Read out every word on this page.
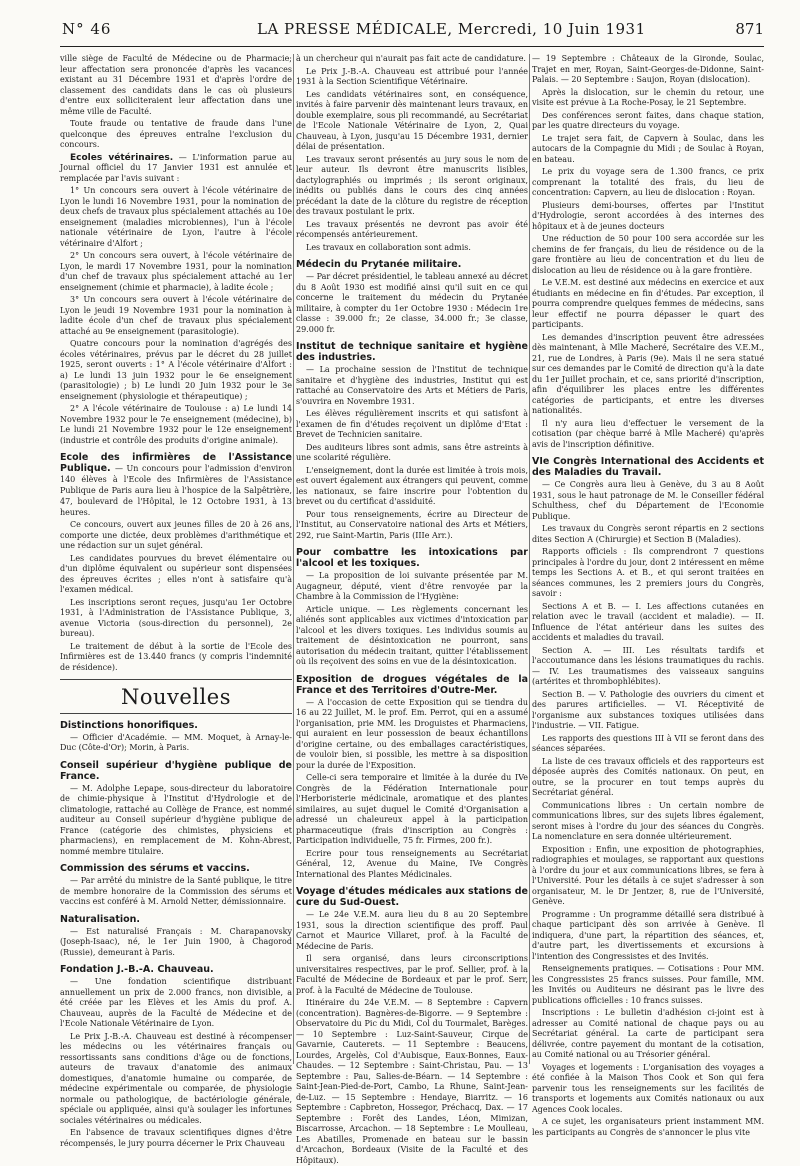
N° 46	LA PRESSE MÉDICALE, Mercredi, 10 Juin 1931	871

ville siège de Faculté de Médecine ou de Pharmacie; leur affectation sera prononcée d'après les vacances existant au 31 Décembre 1931 et d'après l'ordre de classement des candidats dans le cas où plusieurs d'entre eux solliciteraient leur affectation dans une même ville de Faculté.

Toute fraude ou tentative de fraude dans l'une quelconque des épreuves entraîne l'exclusion du concours.

Ecoles vétérinaires. — L'information parue au Journal officiel du 17 Janvier 1931 est annulée et remplacée par l'avis suivant :

1° Un concours sera ouvert à l'école vétérinaire de Lyon le lundi 16 Novembre 1931, pour la nomination de deux chefs de travaux plus spécialement attachés au 10e enseignement (maladies microbiennes), l'un à l'école nationale vétérinaire de Lyon, l'autre à l'école vétérinaire d'Alfort ;

2° Un concours sera ouvert, à l'école vétérinaire de Lyon, le mardi 17 Novembre 1931, pour la nomination d'un chef de travaux plus spécialement attaché au 1er enseignement (chimie et pharmacie), à ladite école ;

3° Un concours sera ouvert à l'école vétérinaire de Lyon le jeudi 19 Novembre 1931 pour la nomination à ladite école d'un chef de travaux plus spécialement attaché au 9e enseignement (parasitologie).

Quatre concours pour la nomination d'agrégés des écoles vétérinaires, prévus par le décret du 28 juillet 1925, seront ouverts : 1° A l'école vétérinaire d'Alfort : a) Le lundi 13 juin 1932 pour le 6e enseignement (parasitologie) ; b) Le lundi 20 Juin 1932 pour le 3e enseignement (physiologie et thérapeutique) ;

2° A l'école vétérinaire de Toulouse : a) Le lundi 14 Novembre 1932 pour le 7e enseignement (médecine), b) Le lundi 21 Novembre 1932 pour le 12e enseignement (industrie et contrôle des produits d'origine animale).

Ecole des infirmières de l'Assistance Publique. — Un concours pour l'admission d'environ 140 élèves à l'Ecole des Infirmières de l'Assistance Publique de Paris aura lieu à l'hospice de la Salpêtrière, 47, boulevard de l'Hôpital, le 12 Octobre 1931, à 13 heures.

Ce concours, ouvert aux jeunes filles de 20 à 26 ans, comporte une dictée, deux problèmes d'arithmétique et une rédaction sur un sujet général.

Les candidates pourvues du brevet élémentaire ou d'un diplôme équivalent ou supérieur sont dispensées des épreuves écrites ; elles n'ont à satisfaire qu'à l'examen médical.

Les inscriptions seront reçues, jusqu'au 1er Octobre 1931, à l'Administration de l'Assistance Publique, 3, avenue Victoria (sous-direction du personnel), 2e bureau).

Le traitement de début à la sortie de l'Ecole des Infirmières est de 13.440 francs (y compris l'indemnité de résidence).

Nouvelles
Distinctions honorifiques.

— Officier d'Académie. — MM. Moquet, à Arnay-le-Duc (Côte-d'Or); Morin, à Paris.

Conseil supérieur d'hygiène publique de France.

— M. Adolphe Lepape, sous-directeur du laboratoire de chimie-physique à l'Institut d'Hydrologie et de climatologie, rattaché au Collège de France, est nommé auditeur au Conseil supérieur d'hygiène publique de France (catégorie des chimistes, physiciens et pharmaciens), en remplacement de M. Kohn-Abrest, nommé membre titulaire.

Commission des sérums et vaccins.

— Par arrêté du ministre de la Santé publique, le titre de membre honoraire de la Commission des sérums et vaccins est conféré à M. Arnold Netter, démissionnaire.

Naturalisation.

— Est naturalisé Français : M. Charapanovsky (Joseph-Isaac), né, le 1er Juin 1900, à Chagorod (Russie), demeurant à Paris.

Fondation J.-B.-A. Chauveau.

— Une fondation scientifique distribuant annuellement un prix de 2.000 francs, non divisible, a été créée par les Elèves et les Amis du prof. A. Chauveau, auprès de la Faculté de Médecine et de l'Ecole Nationale Vétérinaire de Lyon.

Le Prix J.-B.-A. Chauveau est destiné à récompenser les médecins ou les vétérinaires français ou ressortissants sans conditions d'âge ou de fonctions, auteurs de travaux d'anatomie des animaux domestiques, d'anatomie humaine ou comparée, de médecine expérimentale ou comparée, de physiologie normale ou pathologique, de bactériologie générale, spéciale ou appliquée, ainsi qu'à soulager les infortunes sociales vétérinaires ou médicales.

En l'absence de travaux scientifiques dignes d'être récompensés, le jury pourra décerner le Prix Chauveau

à un chercheur qui n'aurait pas fait acte de candidature.

Le Prix J.-B.-A. Chauveau est attribué pour l'année 1931 à la Section Scientifique Vétérinaire.

Les candidats vétérinaires sont, en conséquence, invités à faire parvenir dès maintenant leurs travaux, en double exemplaire, sous pli recommandé, au Secrétariat de l'Ecole Nationale Vétérinaire de Lyon, 2, Quai Chauveau, à Lyon, jusqu'au 15 Décembre 1931, dernier délai de présentation.

Les travaux seront présentés au jury sous le nom de leur auteur. Ils devront être manuscrits lisibles, dactylographiés ou imprimés ; ils seront originaux, inédits ou publiés dans le cours des cinq années précédant la date de la clôture du registre de réception des travaux postulant le prix.

Les travaux présentés ne devront pas avoir été récompensés antérieurement.

Les travaux en collaboration sont admis.

Médecin du Prytanée militaire.

— Par décret présidentiel, le tableau annexé au décret du 8 Août 1930 est modifié ainsi qu'il suit en ce qui concerne le traitement du médecin du Prytanée militaire, à compter du 1er Octobre 1930 : Médecin 1re classe : 39.000 fr.; 2e classe, 34.000 fr.; 3e classe, 29.000 fr.

Institut de technique sanitaire et hygiène des industries.

— La prochaine session de l'Institut de technique sanitaire et d'hygiène des industries, Institut qui est rattaché au Conservatoire des Arts et Métiers de Paris, s'ouvrira en Novembre 1931.

Les élèves régulièrement inscrits et qui satisfont à l'examen de fin d'études reçoivent un diplôme d'Etat : Brevet de Technicien sanitaire.

Des auditeurs libres sont admis, sans être astreints à une scolarité régulière.

L'enseignement, dont la durée est limitée à trois mois, est ouvert également aux étrangers qui peuvent, comme les nationaux, se faire inscrire pour l'obtention du brevet ou du certificat d'assiduité.

Pour tous renseignements, écrire au Directeur de l'Institut, au Conservatoire national des Arts et Métiers, 292, rue Saint-Martin, Paris (IIIe Arr.).

Pour combattre les intoxications par l'alcool et les toxiques.

— La proposition de loi suivante présentée par M. Augagneur, député, vient d'être renvoyée par la Chambre à la Commission de l'Hygiène:

Article unique. — Les règlements concernant les aliénés sont applicables aux victimes d'intoxication par l'alcool et les divers toxiques. Les individus soumis au traitement de désintoxication ne pourront, sans autorisation du médecin traitant, quitter l'établissement où ils reçoivent des soins en vue de la désintoxication.

Exposition de drogues végétales de la France et des Territoires d'Outre-Mer.

— A l'occasion de cette Exposition qui se tiendra du 16 au 22 Juillet, M. le prof. Em. Perrot, qui en a assumé l'organisation, prie MM. les Droguistes et Pharmaciens, qui auraient en leur possession de beaux échantillons d'origine certaine, ou des emballages caractéristiques, de vouloir bien, si possible, les mettre à sa disposition pour la durée de l'Exposition.

Celle-ci sera temporaire et limitée à la durée du IVe Congrès de la Fédération Internationale pour l'Herboristerie médicinale, aromatique et des plantes similaires, au sujet duquel le Comité d'Organisation a adressé un chaleureux appel à la participation pharmaceutique (frais d'inscription au Congrès : Participation individuelle, 75 fr. Firmes, 200 fr.).

Ecrire pour tous renseignements au Secrétariat Général, 12, Avenue du Maine, IVe Congrès International des Plantes Médicinales.

Voyage d'études médicales aux stations de cure du Sud-Ouest.

— Le 24e V.E.M. aura lieu du 8 au 20 Septembre 1931, sous la direction scientifique des proff. Paul Carnot et Maurice Villaret, prof. à la Faculté de Médecine de Paris.

Il sera organisé, dans leurs circonscriptions universitaires respectives, par le prof. Sellier, prof. à la Faculté de Médecine de Bordeaux et par le prof. Serr, prof. à la Faculté de Médecine de Toulouse.

Itinéraire du 24e V.E.M. — 8 Septembre : Capvern (concentration). Bagnères-de-Bigorre. — 9 Septembre : Observatoire du Pic du Midi, Col du Tourmalet, Barèges. — 10 Septembre : Luz-Saint-Sauveur, Cirque de Gavarnie, Cauterets. — 11 Septembre : Beaucens, Lourdes, Argelès, Col d'Aubisque, Eaux-Bonnes, Eaux-Chaudes. — 12 Septembre : Saint-Christau, Pau. — 13 Septembre : Pau, Salies-de-Béarn. — 14 Septembre : Saint-Jean-Pied-de-Port, Cambo, La Rhune, Saint-Jean-de-Luz. — 15 Septembre : Hendaye, Biarritz. — 16 Septembre : Capbreton, Hossegor, Préchacq, Dax. — 17 Septembre : Forêt des Landes, Léon, Mimizan, Biscarrosse, Arcachon. — 18 Septembre : Le Moulleau, Les Abatilles, Promenade en bateau sur le bassin d'Arcachon, Bordeaux (Visite de la Faculté et des Hôpitaux).

— 19 Septembre : Châteaux de la Gironde, Soulac, Trajet en mer, Royan, Saint-Georges-de-Didonne, Saint-Palais. — 20 Septembre : Saujon, Royan (dislocation).

Après la dislocation, sur le chemin du retour, une visite est prévue à La Roche-Posay, le 21 Septembre.

Des conférences seront faites, dans chaque station, par les quatre directeurs du voyage.

Le trajet sera fait, de Capvern à Soulac, dans les autocars de la Compagnie du Midi ; de Soulac à Royan, en bateau.

Le prix du voyage sera de 1.300 francs, ce prix comprenant la totalité des frais, du lieu de concentration: Capvern, au lieu de dislocation : Royan.

Plusieurs demi-bourses, offertes par l'Institut d'Hydrologie, seront accordées à des internes des hôpitaux et à de jeunes docteurs

Une réduction de 50 pour 100 sera accordée sur les chemins de fer français, du lieu de résidence ou de la gare frontière au lieu de concentration et du lieu de dislocation au lieu de résidence ou à la gare frontière.

Le V.E.M. est destiné aux médecins en exercice et aux étudiants en médecine en fin d'études. Par exception, il pourra comprendre quelques femmes de médecins, sans leur effectif ne pourra dépasser le quart des participants.

Les demandes d'inscription peuvent être adressées dès maintenant, à Mlle Macheré, Secrétaire des V.E.M., 21, rue de Londres, à Paris (9e). Mais il ne sera statué sur ces demandes par le Comité de direction qu'à la date du 1er Juillet prochain, et ce, sans priorité d'inscription, afin d'équilibrer les places entre les différentes catégories de participants, et entre les diverses nationalités.

Il n'y aura lieu d'effectuer le versement de la cotisation (par chèque barré à Mlle Macheré) qu'après avis de l'inscription définitive.

VIe Congrès International des Accidents et des Maladies du Travail.

— Ce Congrès aura lieu à Genève, du 3 au 8 Août 1931, sous le haut patronage de M. le Conseiller fédéral Schulthess, chef du Département de l'Economie Publique.

Les travaux du Congrès seront répartis en 2 sections dites Section A (Chirurgie) et Section B (Maladies).

Rapports officiels : Ils comprendront 7 questions principales à l'ordre du jour, dont 2 intéressent en même temps les Sections A. et B., et qui seront traitées en séances communes, les 2 premiers jours du Congrès, savoir :

Sections A et B. — I. Les affections cutanées en relation avec le travail (accident et maladie). — II. Influence de l'état antérieur dans les suites des accidents et maladies du travail.

Section A. — III. Les résultats tardifs et l'accoutumance dans les lésions traumatiques du rachis. — IV. Les traumatismes des vaisseaux sanguins (artérites et thrombophlébites).

Section B. — V. Pathologie des ouvriers du ciment et des parures artificielles. — VI. Réceptivité de l'organisme aux substances toxiques utilisées dans l'industrie. — VII. Fatigue.

Les rapports des questions III à VII se feront dans des séances séparées.

La liste de ces travaux officiels et des rapporteurs est déposée auprès des Comités nationaux. On peut, en outre, se la procurer en tout temps auprès du Secrétariat général.

Communications libres : Un certain nombre de communications libres, sur des sujets libres également, seront mises à l'ordre du jour des séances du Congrès. La nomenclature en sera donnée ultérieurement.

Exposition : Enfin, une exposition de photographies, radiographies et moulages, se rapportant aux questions à l'ordre du jour et aux communications libres, se fera à l'Université. Pour les détails à ce sujet s'adresser à son organisateur, M. le Dr Jentzer, 8, rue de l'Université, Genève.

Programme : Un programme détaillé sera distribué à chaque participant dès son arrivée à Genève. Il indiquera, d'une part, la répartition des séances, et, d'autre part, les divertissements et excursions à l'intention des Congressistes et des Invités.

Renseignements pratiques. — Cotisations : Pour MM. les Congressistes 25 francs suisses. Pour famille, MM. les Invités ou Auditeurs ne désirant pas le livre des publications officielles : 10 francs suisses.

Inscriptions : Le bulletin d'adhésion ci-joint est à adresser au Comité national de chaque pays ou au Secrétariat général. La carte de participant sera délivrée, contre payement du montant de la cotisation, au Comité national ou au Trésorier général.

Voyages et logements : L'organisation des voyages a été confiée à la Maison Thos Cook et Son qui fera parvenir tous les renseignements sur les facilités de transports et logements aux Comités nationaux ou aux Agences Cook locales.

A ce sujet, les organisateurs prient instamment MM. les participants au Congrès de s'annoncer le plus vite
